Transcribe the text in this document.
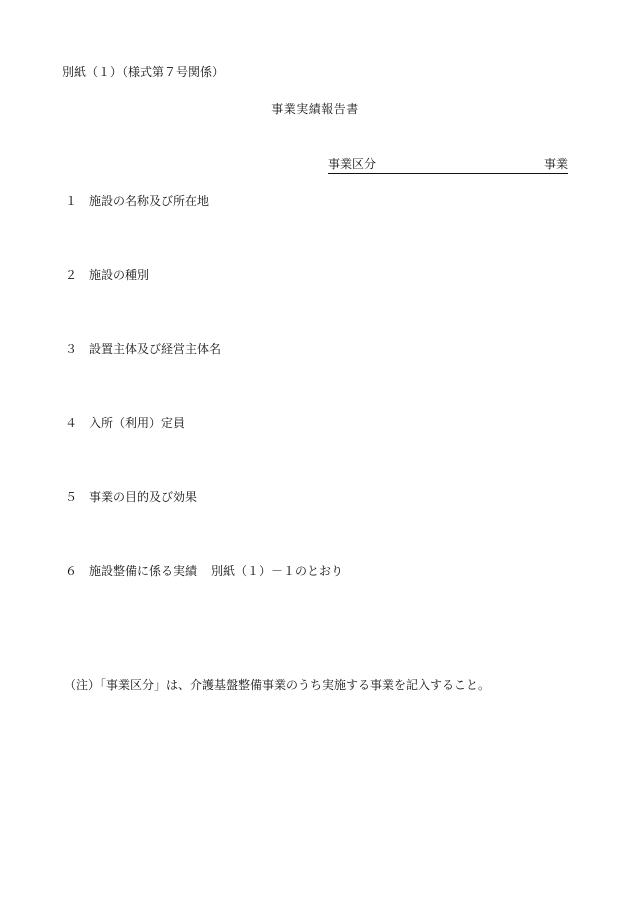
別紙（１）（様式第７号関係）
事業実績報告書
事業区分	事業

１ 施設の名称及び所在地
２ 施設の種別
３ 設置主体及び経営主体名
４ 入所（利用）定員
５ 事業の目的及び効果
６ 施設整備に係る実績 別紙（１）－１のとおり
（注）「事業区分」は、介護基盤整備事業のうち実施する事業を記入すること。
